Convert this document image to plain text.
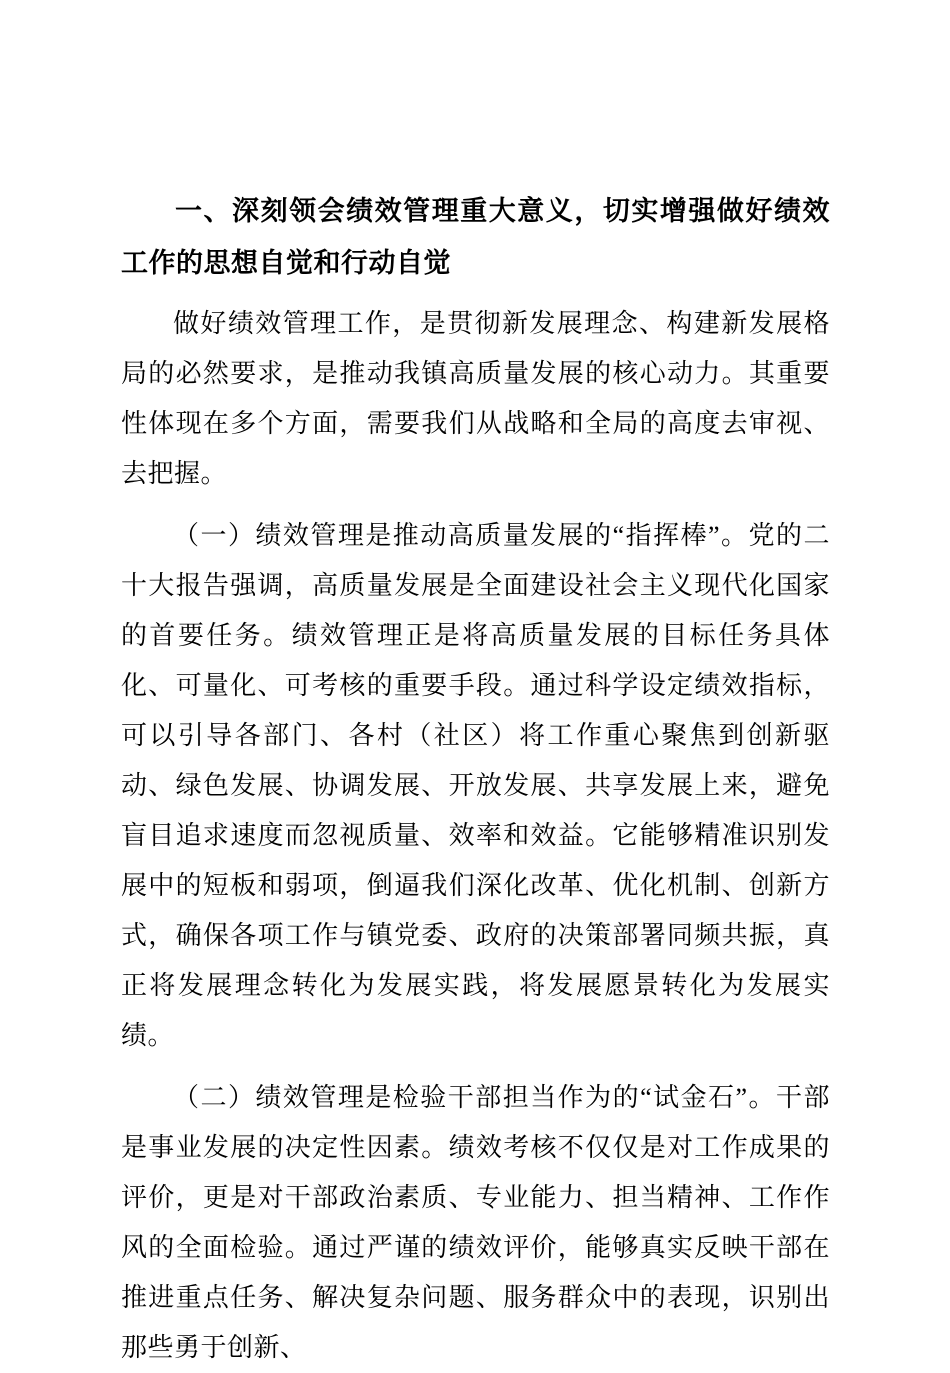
一、深刻领会绩效管理重大意义，切实增强做好绩效工作的思想自觉和行动自觉

做好绩效管理工作，是贯彻新发展理念、构建新发展格局的必然要求，是推动我镇高质量发展的核心动力。其重要性体现在多个方面，需要我们从战略和全局的高度去审视、去把握。

（一）绩效管理是推动高质量发展的“指挥棒”。党的二十大报告强调，高质量发展是全面建设社会主义现代化国家的首要任务。绩效管理正是将高质量发展的目标任务具体化、可量化、可考核的重要手段。通过科学设定绩效指标，可以引导各部门、各村（社区）将工作重心聚焦到创新驱动、绿色发展、协调发展、开放发展、共享发展上来，避免盲目追求速度而忽视质量、效率和效益。它能够精准识别发展中的短板和弱项，倒逼我们深化改革、优化机制、创新方式，确保各项工作与镇党委、政府的决策部署同频共振，真正将发展理念转化为发展实践，将发展愿景转化为发展实绩。

（二）绩效管理是检验干部担当作为的“试金石”。干部是事业发展的决定性因素。绩效考核不仅仅是对工作成果的评价，更是对干部政治素质、专业能力、担当精神、工作作风的全面检验。通过严谨的绩效评价，能够真实反映干部在推进重点任务、解决复杂问题、服务群众中的表现，识别出那些勇于创新、
